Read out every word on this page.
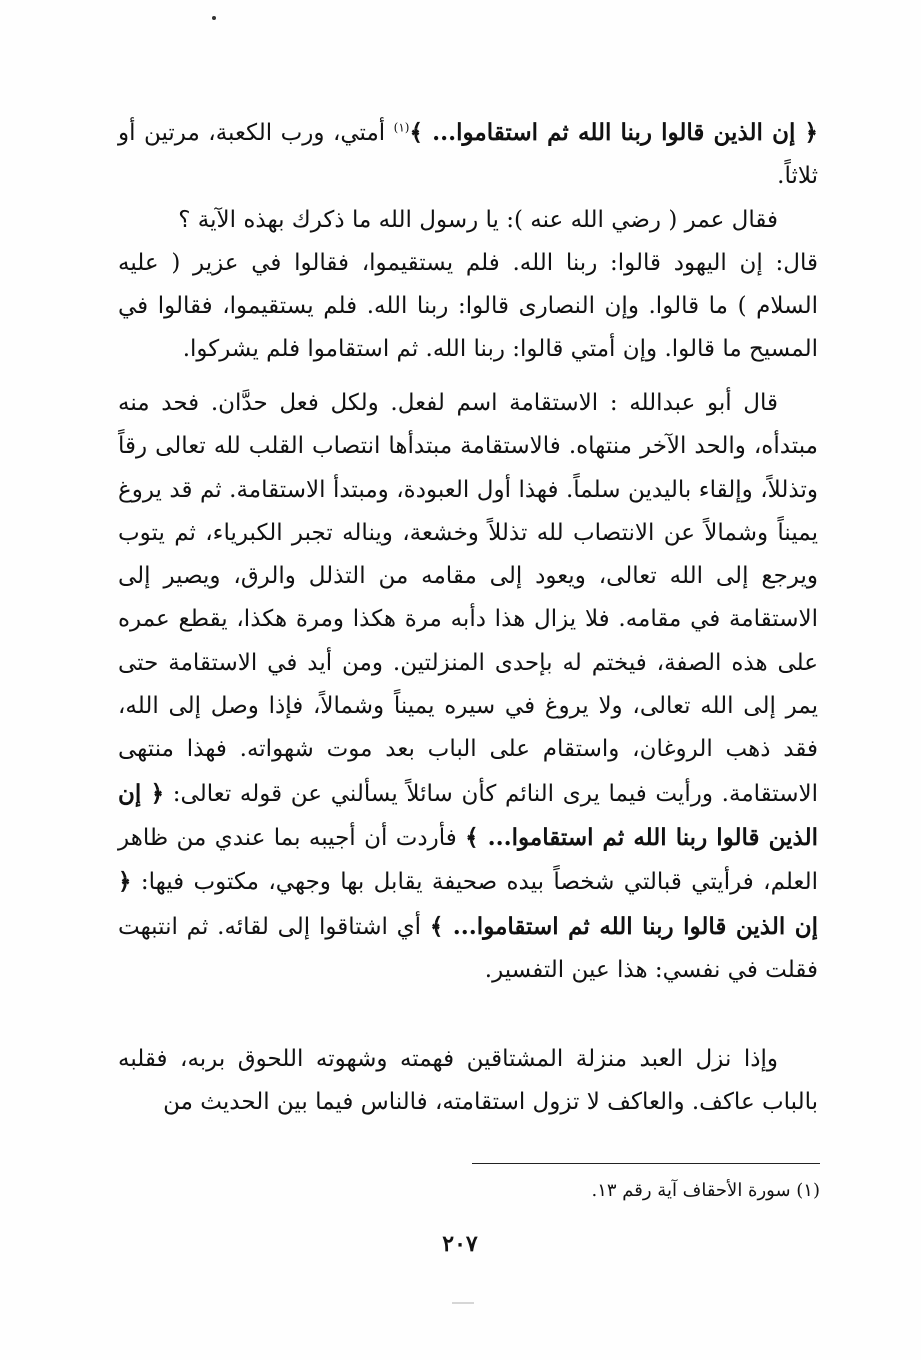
﴿ إن الذين قالوا ربنا الله ثم استقاموا... ﴾$^{(١)}$ أمتي، ورب الكعبة، مرتين أو ثلاثاً.

فقال عمر ( رضي الله عنه ): يا رسول الله ما ذكرك بهذه الآية ؟

قال: إن اليهود قالوا: ربنا الله. فلم يستقيموا، فقالوا في عزير ( عليه السلام ) ما قالوا. وإن النصارى قالوا: ربنا الله. فلم يستقيموا، فقالوا في المسيح ما قالوا. وإن أمتي قالوا: ربنا الله. ثم استقاموا فلم يشركوا.

قال أبو عبدالله : الاستقامة اسم لفعل. ولكل فعل حدَّان. فحد منه مبتدأه، والحد الآخر منتهاه. فالاستقامة مبتدأها انتصاب القلب لله تعالى رقاً وتذللاً، وإلقاء باليدين سلماً. فهذا أول العبودة، ومبتدأ الاستقامة. ثم قد يروغ يميناً وشمالاً عن الانتصاب لله تذللاً وخشعة، ويناله تجبر الكبرياء، ثم يتوب ويرجع إلى الله تعالى، ويعود إلى مقامه من التذلل والرق، ويصير إلى الاستقامة في مقامه. فلا يزال هذا دأبه مرة هكذا ومرة هكذا، يقطع عمره على هذه الصفة، فيختم له بإحدى المنزلتين. ومن أيد في الاستقامة حتى يمر إلى الله تعالى، ولا يروغ في سيره يميناً وشمالاً، فإذا وصل إلى الله، فقد ذهب الروغان، واستقام على الباب بعد موت شهواته. فهذا منتهى الاستقامة. ورأيت فيما يرى النائم كأن سائلاً يسألني عن قوله تعالى: ﴿ إن الذين قالوا ربنا الله ثم استقاموا... ﴾ فأردت أن أجيبه بما عندي من ظاهر العلم، فرأيتي قبالتي شخصاً بيده صحيفة يقابل بها وجهي، مكتوب فيها: ﴿ إن الذين قالوا ربنا الله ثم استقاموا... ﴾ أي اشتاقوا إلى لقائه. ثم انتبهت فقلت في نفسي: هذا عين التفسير.

وإذا نزل العبد منزلة المشتاقين فهمته وشهوته اللحوق بربه، فقلبه بالباب عاكف. والعاكف لا تزول استقامته، فالناس فيما بين الحديث من

(١) سورة الأحقاف آية رقم ١٣.
٢٠٧
